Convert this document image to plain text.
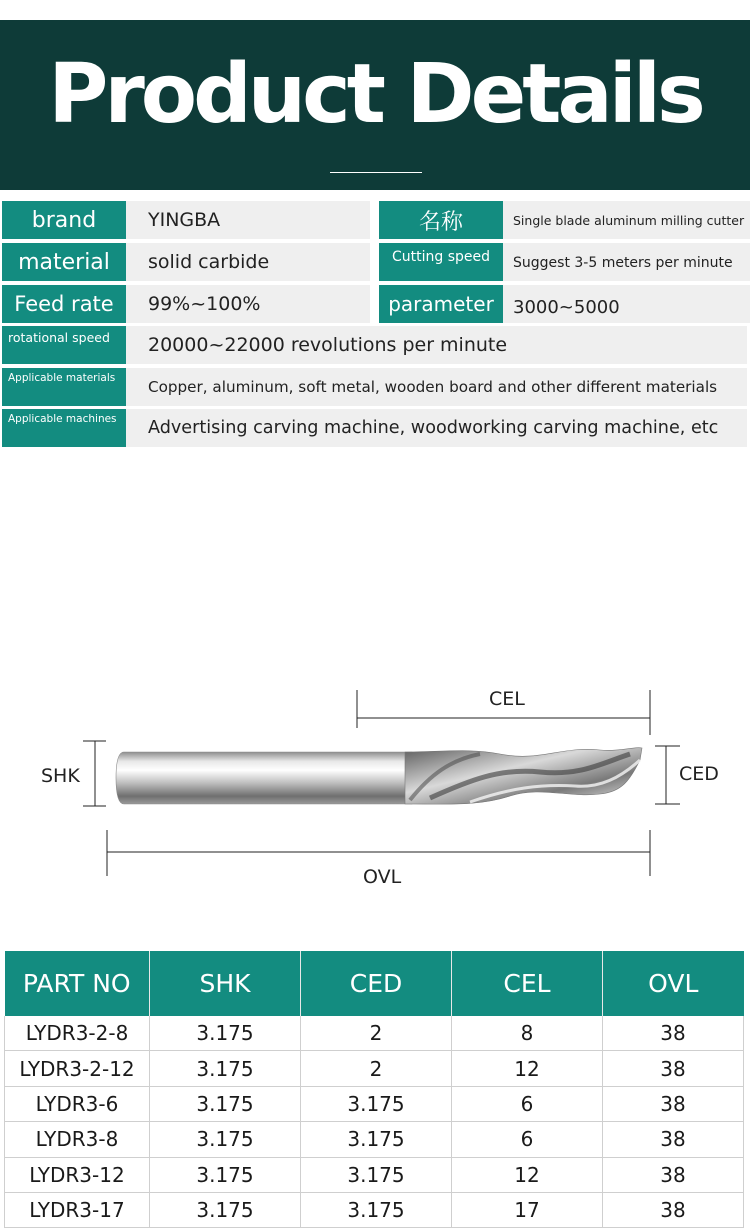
Product Details
brand	YINGBA	名称	Single blade aluminum milling cutter
material	solid carbide	Cutting speed	Suggest 3-5 meters per minute
Feed rate	99%~100%	parameter	3000~5000
rotational speed	20000~22000 revolutions per minute
Applicable materials	Copper, aluminum, soft metal, wooden board and other different materials
Applicable machines	Advertising carving machine, woodworking carving machine, etc
CEL
SHK	CED
OVL
PART NO	SHK	CED	CEL	OVL
LYDR3-2-8	3.175	2	8	38
LYDR3-2-12	3.175	2	12	38
LYDR3-6	3.175	3.175	6	38
LYDR3-8	3.175	3.175	6	38
LYDR3-12	3.175	3.175	12	38
LYDR3-17	3.175	3.175	17	38
